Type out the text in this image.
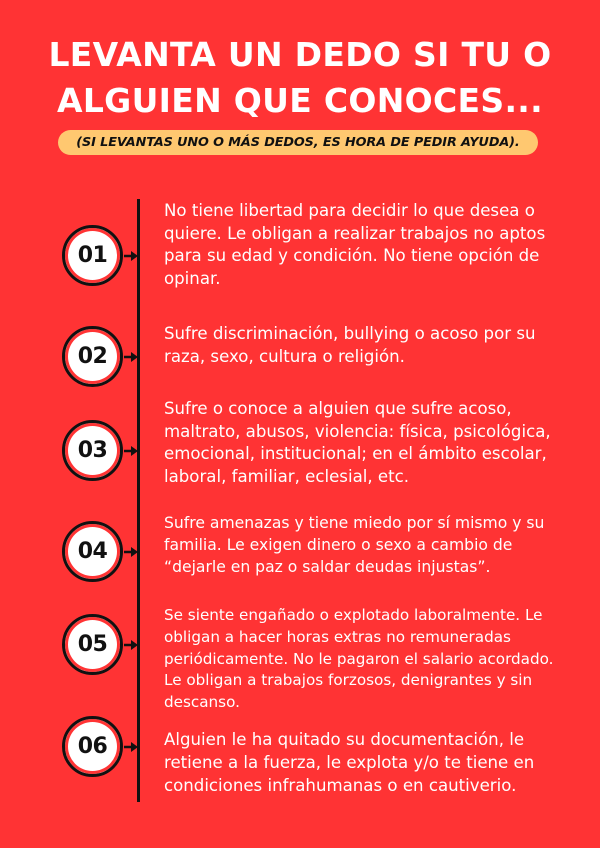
LEVANTA UN DEDO SI TU O
ALGUIEN QUE CONOCES...
(SI LEVANTAS UNO O MÁS DEDOS, ES HORA DE PEDIR AYUDA).
01

No tiene libertad para decidir lo que desea o
quiere. Le obligan a realizar trabajos no aptos
para su edad y condición. No tiene opción de
opinar.

02

Sufre discriminación, bullying o acoso por su
raza, sexo, cultura o religión.

03

Sufre o conoce a alguien que sufre acoso,
maltrato, abusos, violencia: física, psicológica,
emocional, institucional; en el ámbito escolar,
laboral, familiar, eclesial, etc.

04

Sufre amenazas y tiene miedo por sí mismo y su
familia. Le exigen dinero o sexo a cambio de
“dejarle en paz o saldar deudas injustas”.

05

Se siente engañado o explotado laboralmente. Le
obligan a hacer horas extras no remuneradas
periódicamente. No le pagaron el salario acordado.
Le obligan a trabajos forzosos, denigrantes y sin
descanso.

06	Alguien le ha quitado su documentación, le
retiene a la fuerza, le explota y/o te tiene en
condiciones infrahumanas o en cautiverio.
